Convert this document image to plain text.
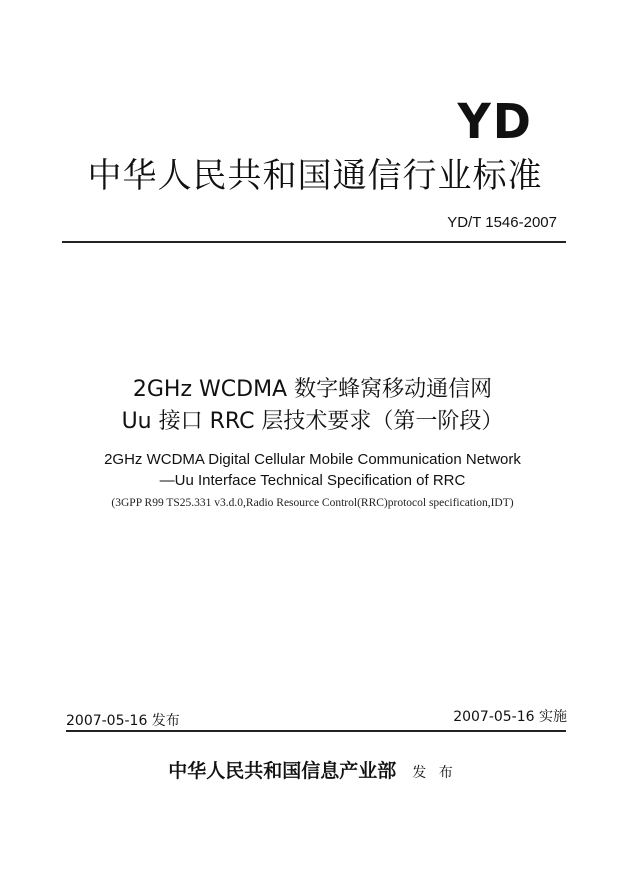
YD
中华人民共和国通信行业标准
YD/T 1546-2007
2GHz WCDMA 数字蜂窝移动通信网
Uu 接口 RRC 层技术要求（第一阶段）
2GHz WCDMA Digital Cellular Mobile Communication Network
—Uu Interface Technical Specification of RRC
(3GPP R99 TS25.331 v3.d.0,Radio Resource Control(RRC)protocol specification,IDT)
2007-05-16 发布	2007-05-16 实施
中华人民共和国信息产业部 发 布
